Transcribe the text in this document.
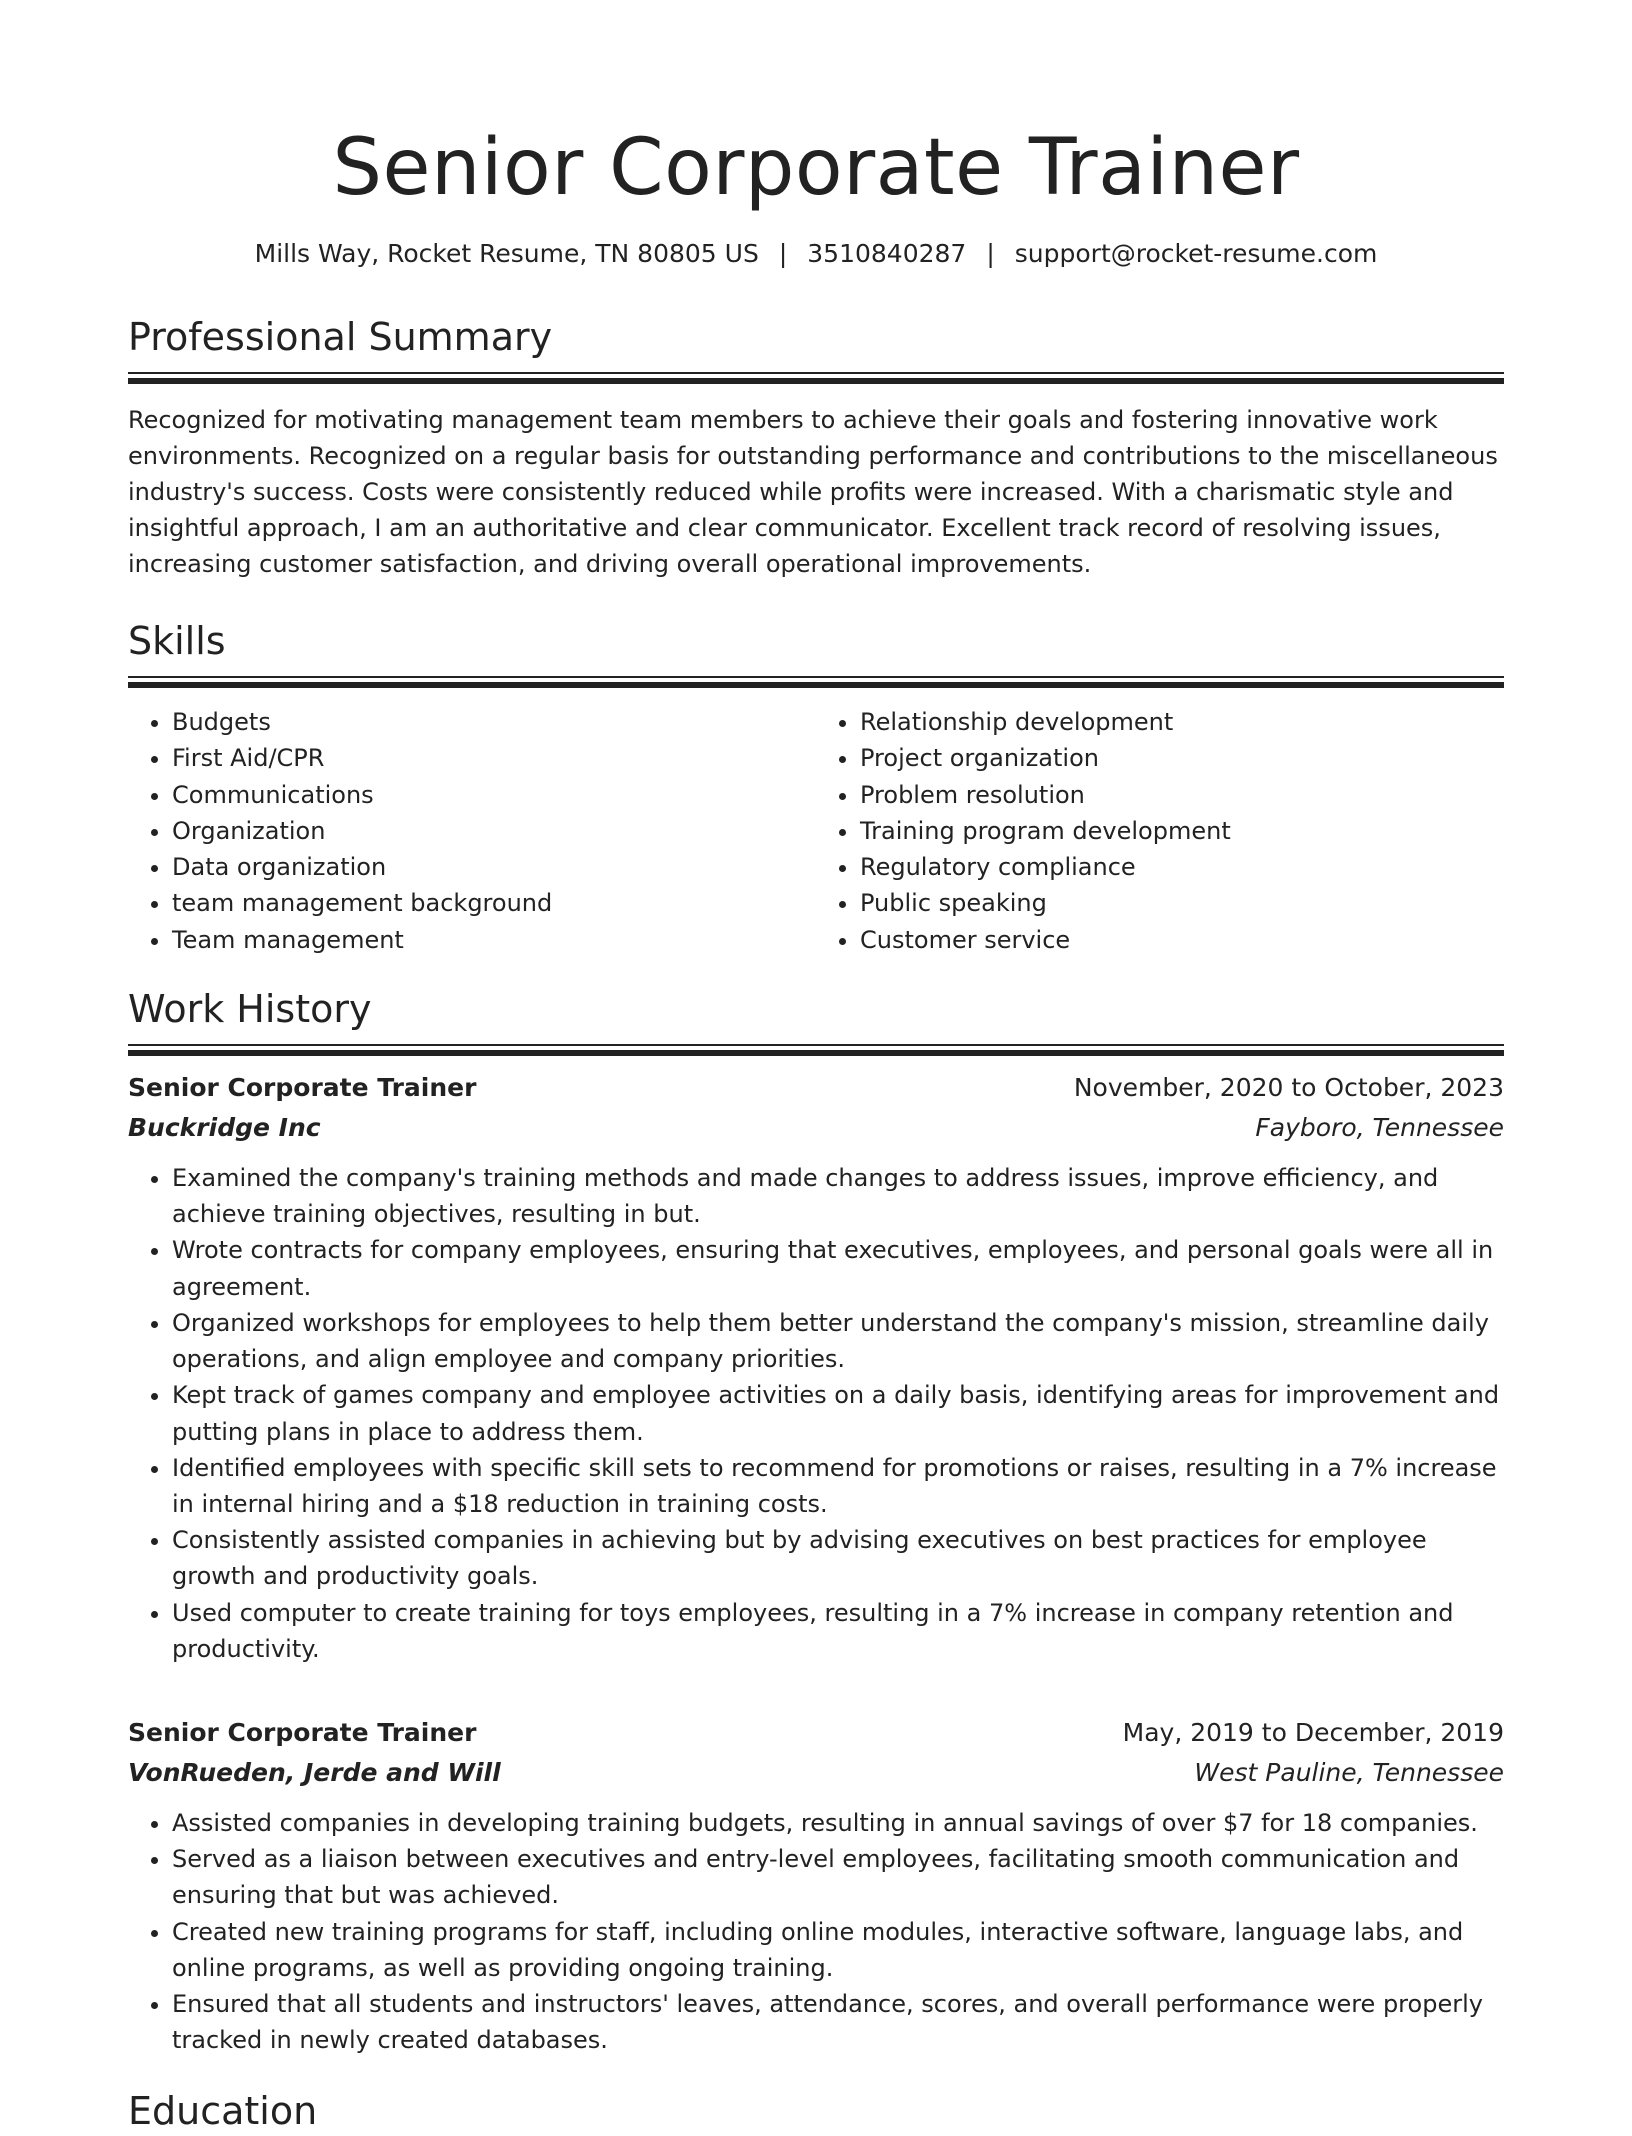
Senior Corporate Trainer
Mills Way, Rocket Resume, TN 80805 US | 3510840287 | support@rocket-resume.com
Professional Summary

Recognized for motivating management team members to achieve their goals and fostering innovative work environments. Recognized on a regular basis for outstanding performance and contributions to the miscellaneous industry's success. Costs were consistently reduced while profits were increased. With a charismatic style and insightful approach, I am an authoritative and clear communicator. Excellent track record of resolving issues, increasing customer satisfaction, and driving overall operational improvements.

Skills
• Budgets
• First Aid/CPR
• Communications
• Organization
• Data organization
• team management background
• Team management
• Relationship development
• Project organization
• Problem resolution
• Training program development
• Regulatory compliance
• Public speaking
• Customer service
Work History
Senior Corporate Trainer	November, 2020 to October, 2023
Buckridge Inc	Fayboro, Tennessee
• Examined the company's training methods and made changes to address issues, improve efficiency, and achieve training objectives, resulting in but.
• Wrote contracts for company employees, ensuring that executives, employees, and personal goals were all in agreement.
• Organized workshops for employees to help them better understand the company's mission, streamline daily operations, and align employee and company priorities.
• Kept track of games company and employee activities on a daily basis, identifying areas for improvement and putting plans in place to address them.
• Identified employees with specific skill sets to recommend for promotions or raises, resulting in a 7% increase in internal hiring and a $18 reduction in training costs.
• Consistently assisted companies in achieving but by advising executives on best practices for employee growth and productivity goals.
• Used computer to create training for toys employees, resulting in a 7% increase in company retention and productivity.
Senior Corporate Trainer	May, 2019 to December, 2019
VonRueden, Jerde and Will	West Pauline, Tennessee
• Assisted companies in developing training budgets, resulting in annual savings of over $7 for 18 companies.
• Served as a liaison between executives and entry-level employees, facilitating smooth communication and ensuring that but was achieved.
• Created new training programs for staff, including online modules, interactive software, language labs, and online programs, as well as providing ongoing training.
• Ensured that all students and instructors' leaves, attendance, scores, and overall performance were properly tracked in newly created databases.
Education
